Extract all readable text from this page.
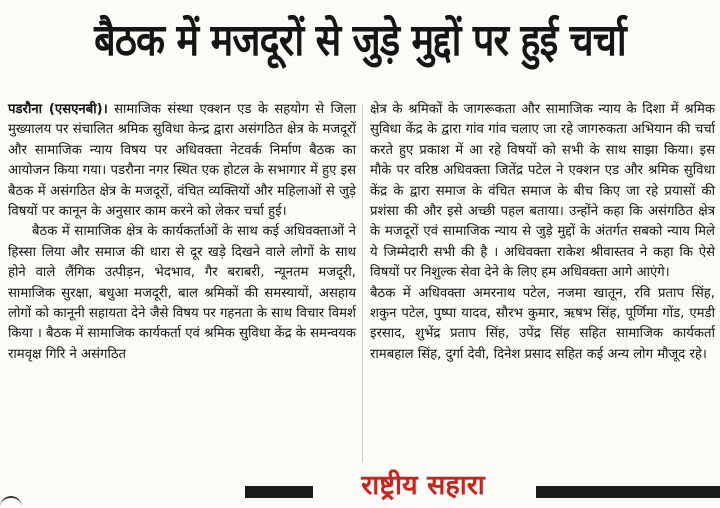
बैठक में मजदूरों से जुड़े मुद्दों पर हुई चर्चा

पडरौना (एसएनबी)। सामाजिक संस्था एक्शन एड के सहयोग से जिला मुख्यालय पर संचालित श्रमिक सुविधा केन्द्र द्वारा असंगठित क्षेत्र के मजदूरों और सामाजिक न्याय विषय पर अधिवक्ता नेटवर्क निर्माण बैठक का आयोजन किया गया। पडरौना नगर स्थित एक होटल के सभागार में हुए इस बैठक में असंगठित क्षेत्र के मजदूरों, वंचित व्यक्तियों और महिलाओं से जुड़े विषयों पर कानून के अनुसार काम करने को लेकर चर्चा हुई।

बैठक में सामाजिक क्षेत्र के कार्यकर्ताओं के साथ कई अधिवक्ताओं ने हिस्सा लिया और समाज की धारा से दूर खड़े दिखने वाले लोगों के साथ होने वाले लैंगिक उत्पीड़न, भेदभाव, गैर बराबरी, न्यूनतम मजदूरी, सामाजिक सुरक्षा, बधुआ मजदूरी, बाल श्रमिकों की समस्यायों, असहाय लोगों को कानूनी सहायता देने जैसे विषय पर गहनता के साथ विचार विमर्श किया । बैठक में सामाजिक कार्यकर्ता एवं श्रमिक सुविधा केंद्र के समन्वयक रामवृक्ष गिरि ने असंगठित

क्षेत्र के श्रमिकों के जागरूकता और सामाजिक न्याय के दिशा में श्रमिक सुविधा केंद्र के द्वारा गांव गांव चलाए जा रहे जागरुकता अभियान की चर्चा करते हुए प्रकाश में आ रहे विषयों को सभी के साथ साझा किया। इस मौके पर वरिष्ठ अधिवक्ता जितेंद्र पटेल ने एक्शन एड और श्रमिक सुविधा केंद्र के द्वारा समाज के वंचित समाज के बीच किए जा रहे प्रयासों की प्रशंसा की और इसे अच्छी पहल बताया। उन्होंने कहा कि असंगठित क्षेत्र के मजदूरों एवं सामाजिक न्याय से जुड़े मुद्दों के अंतर्गत सबको न्याय मिले ये जिम्मेदारी सभी की है । अधिवक्ता राकेश श्रीवास्तव ने कहा कि ऐसे विषयों पर निशुल्क सेवा देने के लिए हम अधिवक्ता आगे आएंगे।

बैठक में अधिवक्ता अमरनाथ पटेल, नजमा खातून, रवि प्रताप सिंह, शकुन पटेल, पुष्पा यादव, सौरभ कुमार, ऋषभ सिंह, पूर्णिमा गोंड, एमडी इरसाद, शुभेंद्र प्रताप सिंह, उपेंद्र सिंह सहित सामाजिक कार्यकर्ता रामबहाल सिंह, दुर्गा देवी, दिनेश प्रसाद सहित कई अन्य लोग मौजूद रहे।

राष्ट्रीय सहारा
